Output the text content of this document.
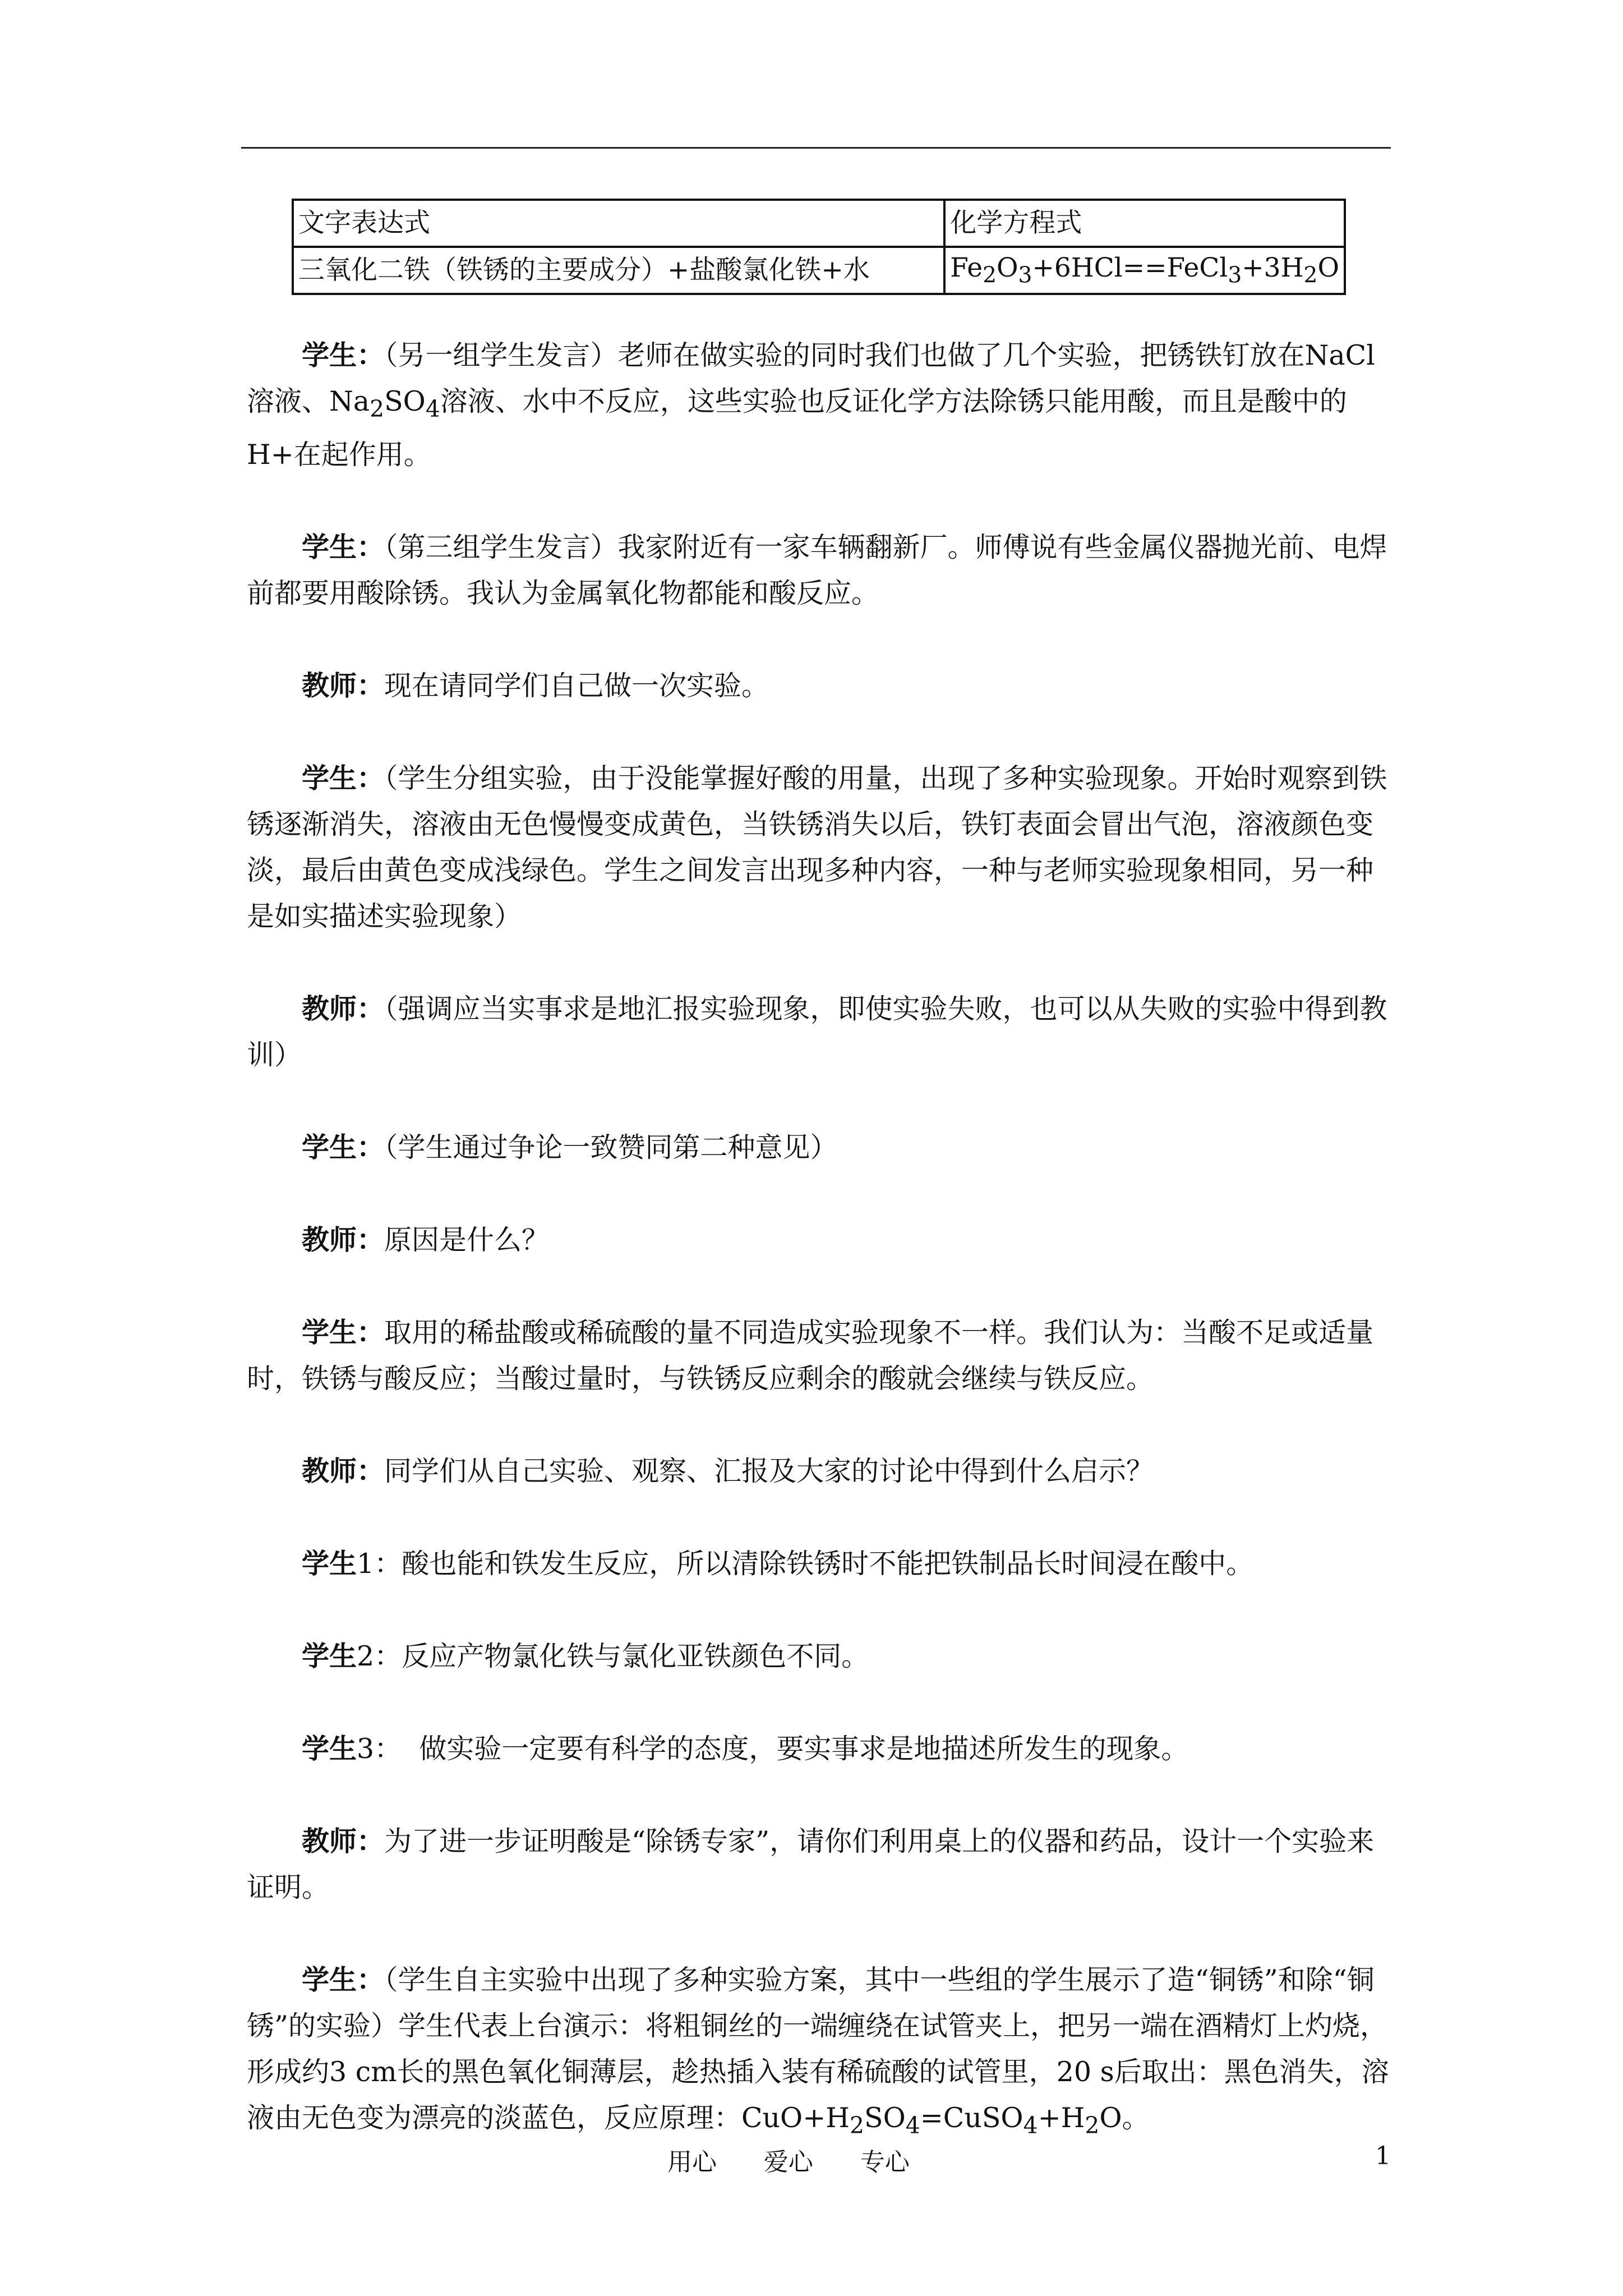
文字表达式	化学方程式
三氧化二铁（铁锈的主要成分）+盐酸氯化铁+水	$Fe_2O_3+6HCl==FeCl_3+3H_2O$

学生：（另一组学生发言）老师在做实验的同时我们也做了几个实验，把锈铁钉放在NaCl溶液、$Na_2SO_4$溶液、水中不反应，这些实验也反证化学方法除锈只能用酸，而且是酸中的H+在起作用。

学生：（第三组学生发言）我家附近有一家车辆翻新厂。师傅说有些金属仪器抛光前、电焊前都要用酸除锈。我认为金属氧化物都能和酸反应。

教师：现在请同学们自己做一次实验。

学生：（学生分组实验，由于没能掌握好酸的用量，出现了多种实验现象。开始时观察到铁锈逐渐消失，溶液由无色慢慢变成黄色，当铁锈消失以后，铁钉表面会冒出气泡，溶液颜色变淡，最后由黄色变成浅绿色。学生之间发言出现多种内容，一种与老师实验现象相同，另一种是如实描述实验现象）

教师：（强调应当实事求是地汇报实验现象，即使实验失败，也可以从失败的实验中得到教训）

学生：（学生通过争论一致赞同第二种意见）

教师：原因是什么？

学生：取用的稀盐酸或稀硫酸的量不同造成实验现象不一样。我们认为：当酸不足或适量时，铁锈与酸反应；当酸过量时，与铁锈反应剩余的酸就会继续与铁反应。

教师：同学们从自己实验、观察、汇报及大家的讨论中得到什么启示？

学生1：酸也能和铁发生反应，所以清除铁锈时不能把铁制品长时间浸在酸中。

学生2：反应产物氯化铁与氯化亚铁颜色不同。

学生3：  做实验一定要有科学的态度，要实事求是地描述所发生的现象。

教师：为了进一步证明酸是“除锈专家”，请你们利用桌上的仪器和药品，设计一个实验来证明。

学生：（学生自主实验中出现了多种实验方案，其中一些组的学生展示了造“铜锈”和除“铜锈”的实验）学生代表上台演示：将粗铜丝的一端缠绕在试管夹上，把另一端在酒精灯上灼烧，形成约3 cm长的黑色氧化铜薄层，趁热插入装有稀硫酸的试管里，20 s后取出：黑色消失，溶液由无色变为漂亮的淡蓝色，反应原理：$CuO+H_2SO_4=CuSO_4+H_2O$。

用心      爱心      专心	1
